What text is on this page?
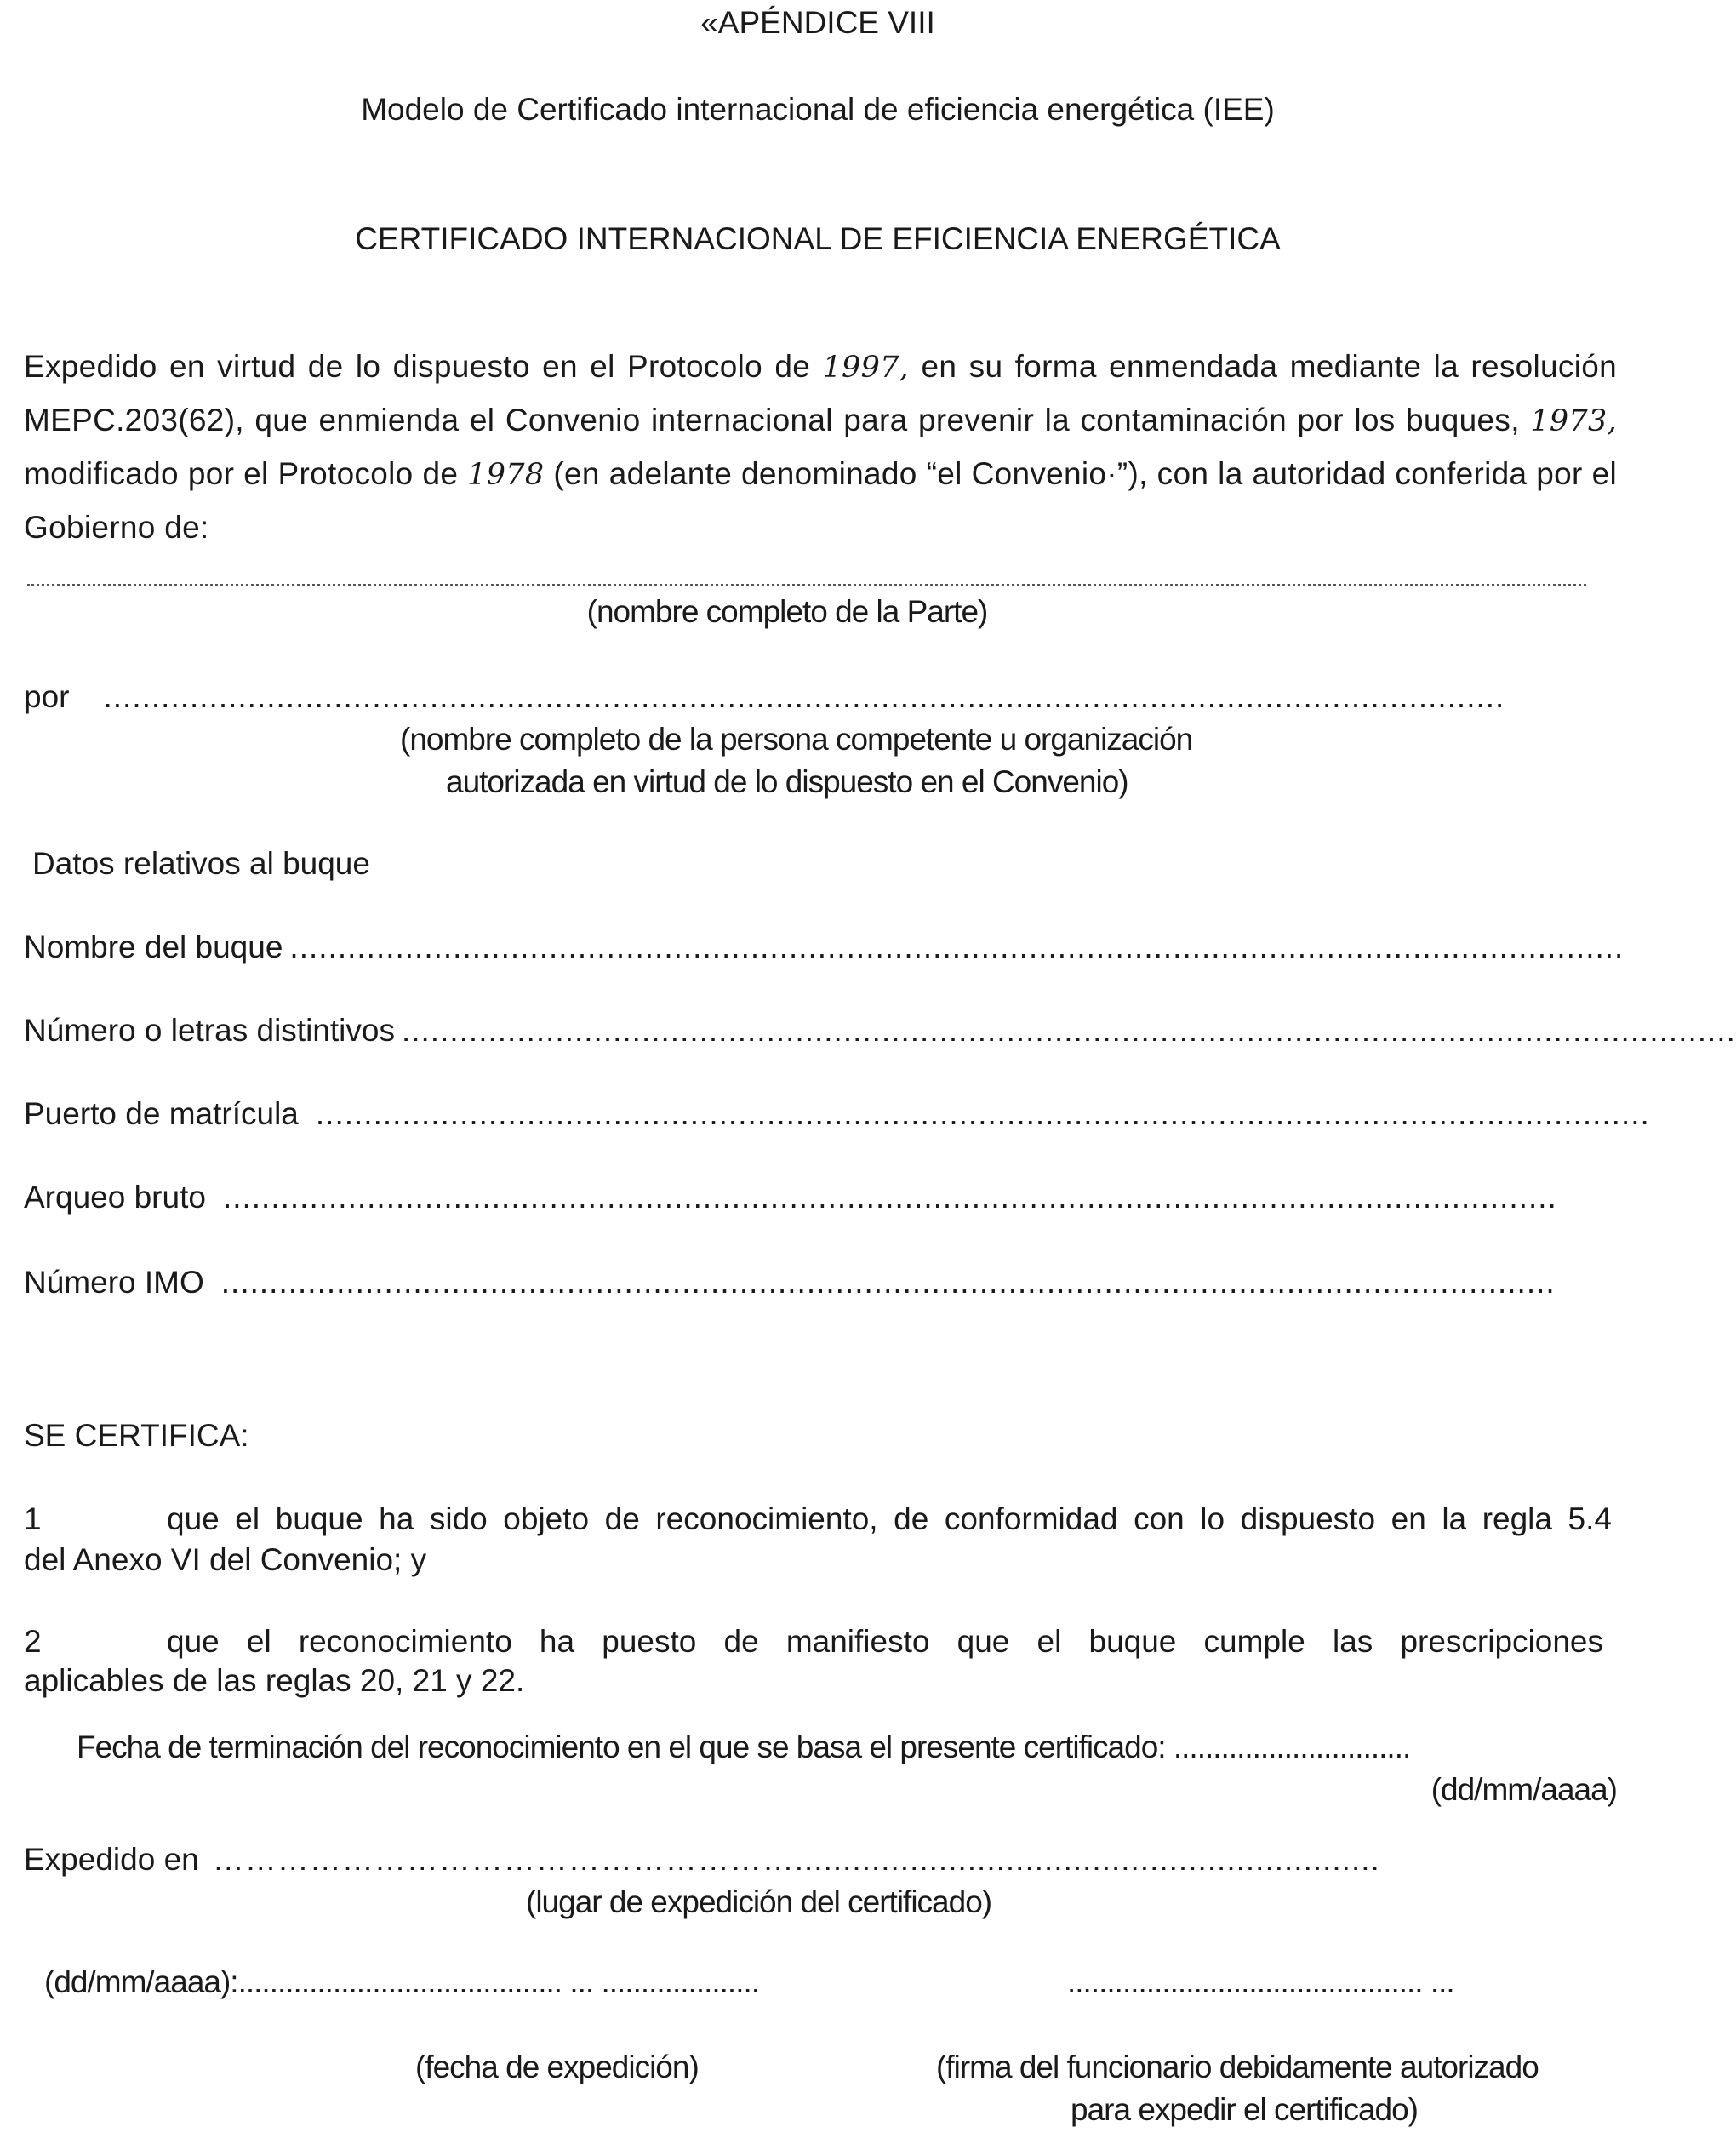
«APÉNDICE VIII
Modelo de Certificado internacional de eficiencia energética (IEE)
CERTIFICADO INTERNACIONAL DE EFICIENCIA ENERGÉTICA
Expedido en virtud de lo dispuesto en el Protocolo de 1997, en su forma enmendada mediante la resolución MEPC.203(62), que enmienda el Convenio internacional para prevenir la contaminación por los buques, 1973, modificado por el Protocolo de 1978 (en adelante denominado “el Convenio·”), con la autoridad conferida por el Gobierno de:
(nombre completo de la Parte)
por ..................................................................................................................................................
(nombre completo de la persona competente u organización
autorizada en virtud de lo dispuesto en el Convenio)
Datos relativos al buque
Nombre del buque ...........................................................................................................................................
Número o letras distintivos ...........................................................................................................................................
Puerto de matrícula ...........................................................................................................................................
Arqueo bruto ...........................................................................................................................................
Número IMO ...........................................................................................................................................
SE CERTIFICA:
1	que el buque ha sido objeto de reconocimiento, de conformidad con lo dispuesto en la regla 5.4
del Anexo VI del Convenio; y
2	que el reconocimiento ha puesto de manifiesto que el buque cumple las prescripciones
aplicables de las reglas 20, 21 y 22.
Fecha de terminación del reconocimiento en el que se basa el presente certificado: ..............................
(dd/mm/aaaa)
Expedido en ……………………………………………….............................................................
(lugar de expedición del certificado)
(dd/mm/aaaa):......................................... ... ....................	............................................. ...
(fecha de expedición)	(firma del funcionario debidamente autorizado
para expedir el certificado)
